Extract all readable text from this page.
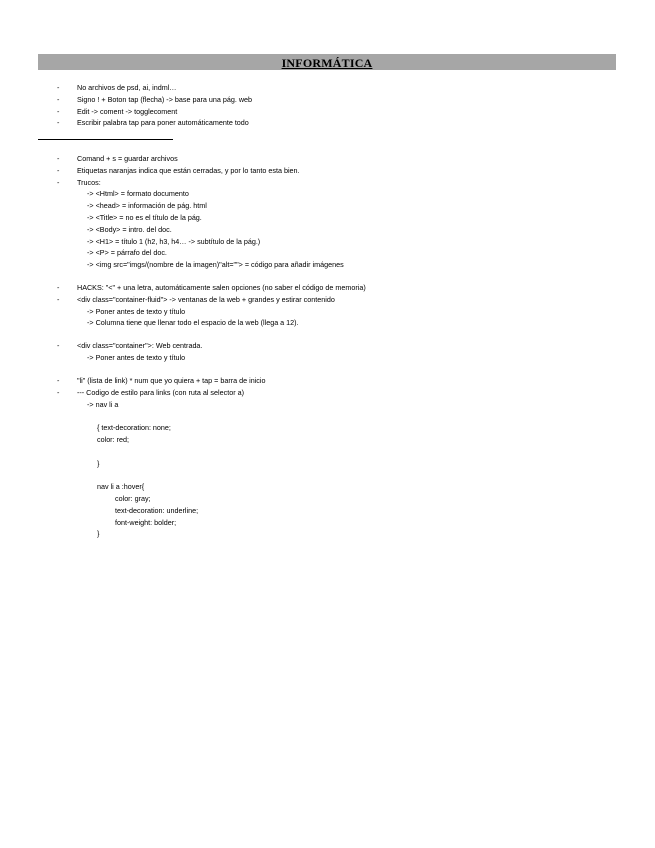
INFORMÁTICA
- No archivos de psd, ai, indml…
- Signo ! + Boton tap (flecha) -> base para una pág. web
- Edit -> coment -> togglecoment
- Escribir palabra tap para poner automáticamente todo
- Comand + s = guardar archivos
- Etiquetas naranjas indica que están cerradas, y por lo tanto esta bien.
- Trucos:
-> <Html> = formato documento
-> <head> = información de pág. html
-> <Title> = no es el título de la pág.
-> <Body> = intro. del doc.
-> <H1> = título 1 (h2, h3, h4… -> subtítulo de la pág.)
-> <P> = párrafo del doc.
-> <img src="imgs/(nombre de la imagen)"alt=""> = código para añadir imágenes
- HACKS: "<" + una letra, automáticamente salen opciones (no saber el código de memoria)
- <div class="container-fluid"> -> ventanas de la web + grandes y estirar contenido
-> Poner antes de texto y título
-> Columna tiene que llenar todo el espacio de la web (llega a 12).
- <div class="container">: Web centrada.
-> Poner antes de texto y título
- "li" (lista de link) * num que yo quiera + tap = barra de inicio
- --- Codigo de estilo para links (con ruta al selector a)
-> nav li a
{ text-decoration: none;
color: red;
}
nav li a :hover{
color: gray;
text-decoration: underline;
font-weight: bolder;
}
